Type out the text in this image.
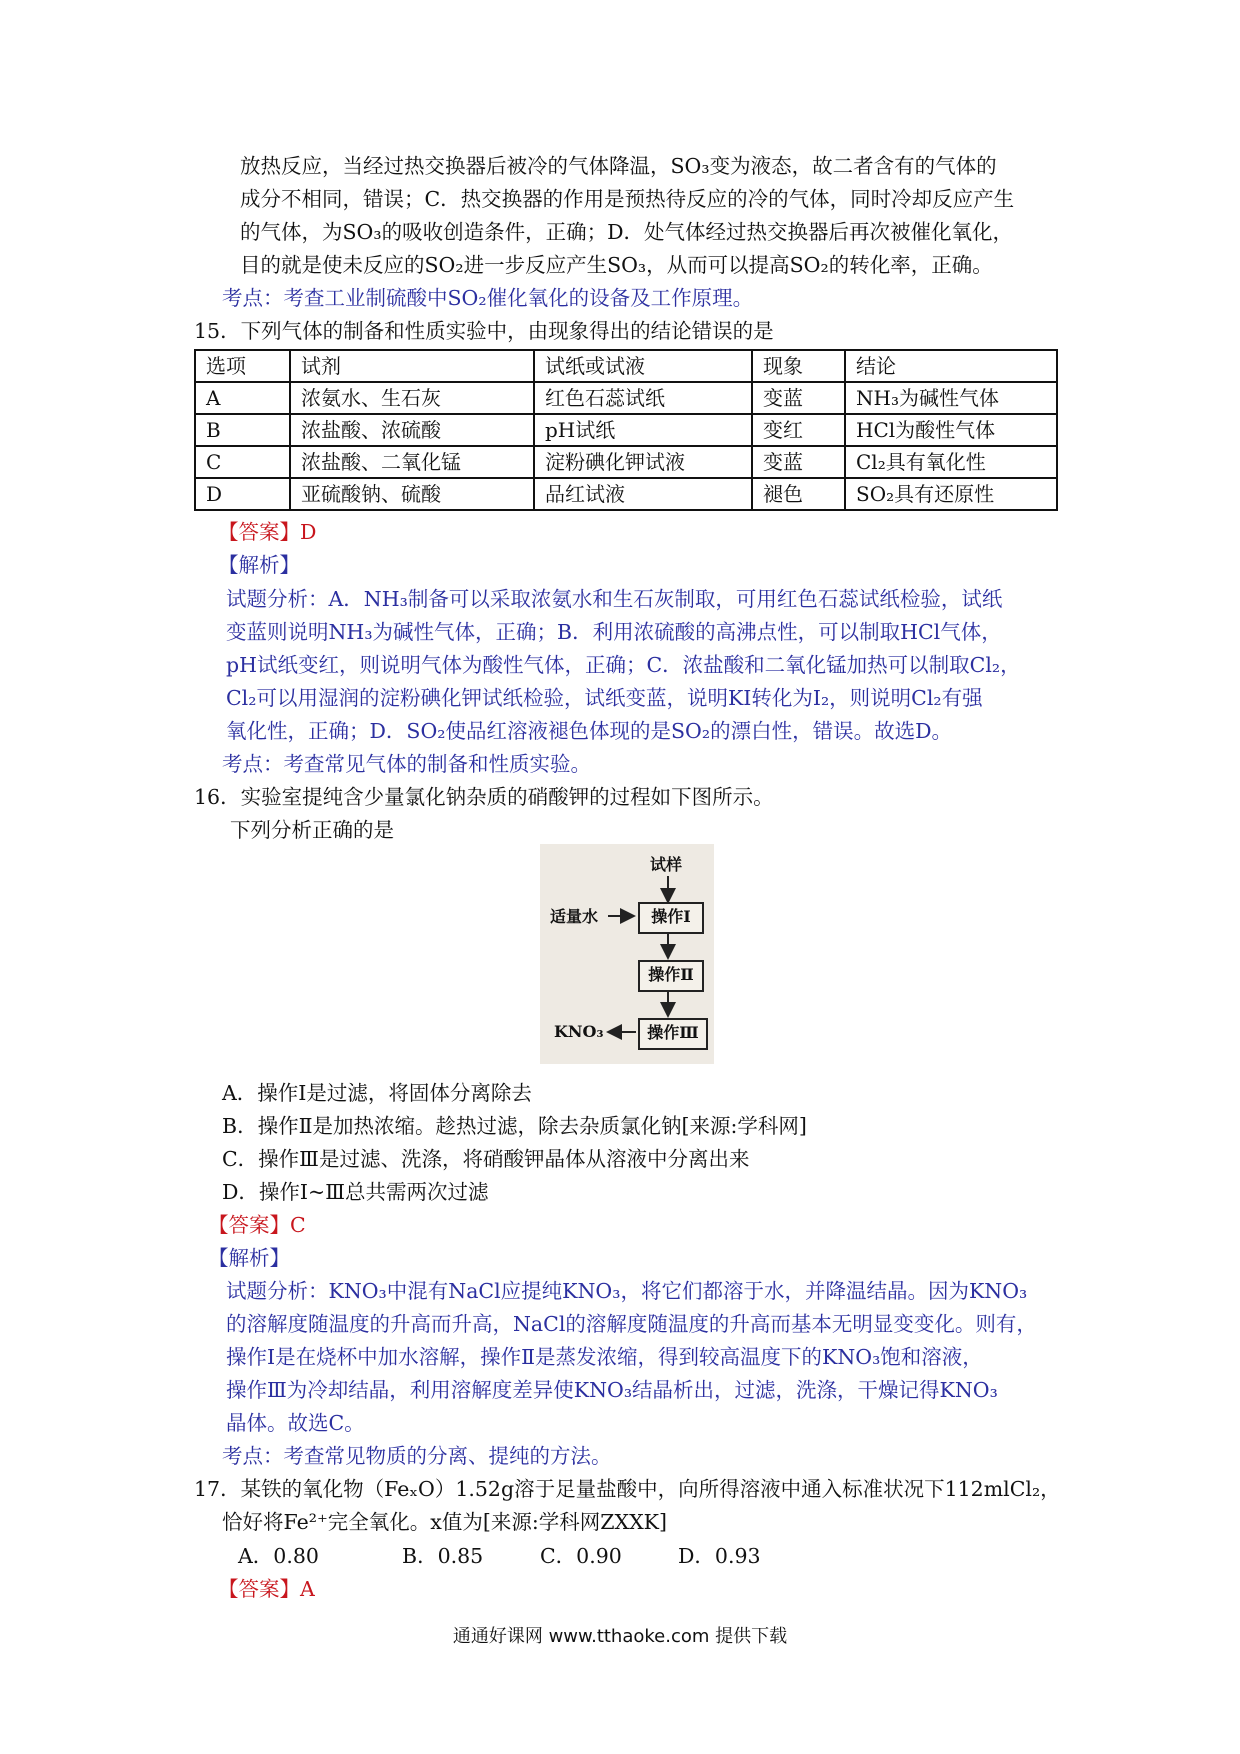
放热反应，当经过热交换器后被冷的气体降温，SO₃变为液态，故二者含有的气体的
成分不相同，错误；C．热交换器的作用是预热待反应的冷的气体，同时冷却反应产生
的气体，为SO₃的吸收创造条件，正确；D．处气体经过热交换器后再次被催化氧化，
目的就是使未反应的SO₂进一步反应产生SO₃，从而可以提高SO₂的转化率，正确。
考点：考查工业制硫酸中SO₂催化氧化的设备及工作原理。
15．下列气体的制备和性质实验中，由现象得出的结论错误的是
选项	试剂	试纸或试液	现象	结论
A	浓氨水、生石灰	红色石蕊试纸	变蓝	NH₃为碱性气体
B	浓盐酸、浓硫酸	pH试纸	变红	HCl为酸性气体
C	浓盐酸、二氧化锰	淀粉碘化钾试液	变蓝	Cl₂具有氧化性
D	亚硫酸钠、硫酸	品红试液	褪色	SO₂具有还原性
【答案】D
【解析】
试题分析：A．NH₃制备可以采取浓氨水和生石灰制取，可用红色石蕊试纸检验，试纸
变蓝则说明NH₃为碱性气体，正确；B．利用浓硫酸的高沸点性，可以制取HCl气体，
pH试纸变红，则说明气体为酸性气体，正确；C．浓盐酸和二氧化锰加热可以制取Cl₂，
Cl₂可以用湿润的淀粉碘化钾试纸检验，试纸变蓝，说明KI转化为I₂，则说明Cl₂有强
氧化性，正确；D．SO₂使品红溶液褪色体现的是SO₂的漂白性，错误。故选D。
考点：考查常见气体的制备和性质实验。
16．实验室提纯含少量氯化钠杂质的硝酸钾的过程如下图所示。
下列分析正确的是
试样
适量水	操作Ⅰ
操作Ⅱ
操作Ⅲ
KNO₃
A．操作Ⅰ是过滤，将固体分离除去
B．操作Ⅱ是加热浓缩。趁热过滤，除去杂质氯化钠[来源:学科网]
C．操作Ⅲ是过滤、洗涤，将硝酸钾晶体从溶液中分离出来
D．操作Ⅰ~Ⅲ总共需两次过滤
【答案】C
【解析】
试题分析：KNO₃中混有NaCl应提纯KNO₃，将它们都溶于水，并降温结晶。因为KNO₃
的溶解度随温度的升高而升高，NaCl的溶解度随温度的升高而基本无明显变变化。则有，
操作Ⅰ是在烧杯中加水溶解，操作Ⅱ是蒸发浓缩，得到较高温度下的KNO₃饱和溶液，
操作Ⅲ为冷却结晶，利用溶解度差异使KNO₃结晶析出，过滤，洗涤，干燥记得KNO₃
晶体。故选C。
考点：考查常见物质的分离、提纯的方法。
17．某铁的氧化物（FeₓO）1.52g溶于足量盐酸中，向所得溶液中通入标准状况下112mlCl₂，
恰好将Fe²⁺完全氧化。x值为[来源:学科网ZXXK]
A．0.80	B．0.85	C．0.90	D．0.93
【答案】A
通通好课网 www.tthaoke.com 提供下载
